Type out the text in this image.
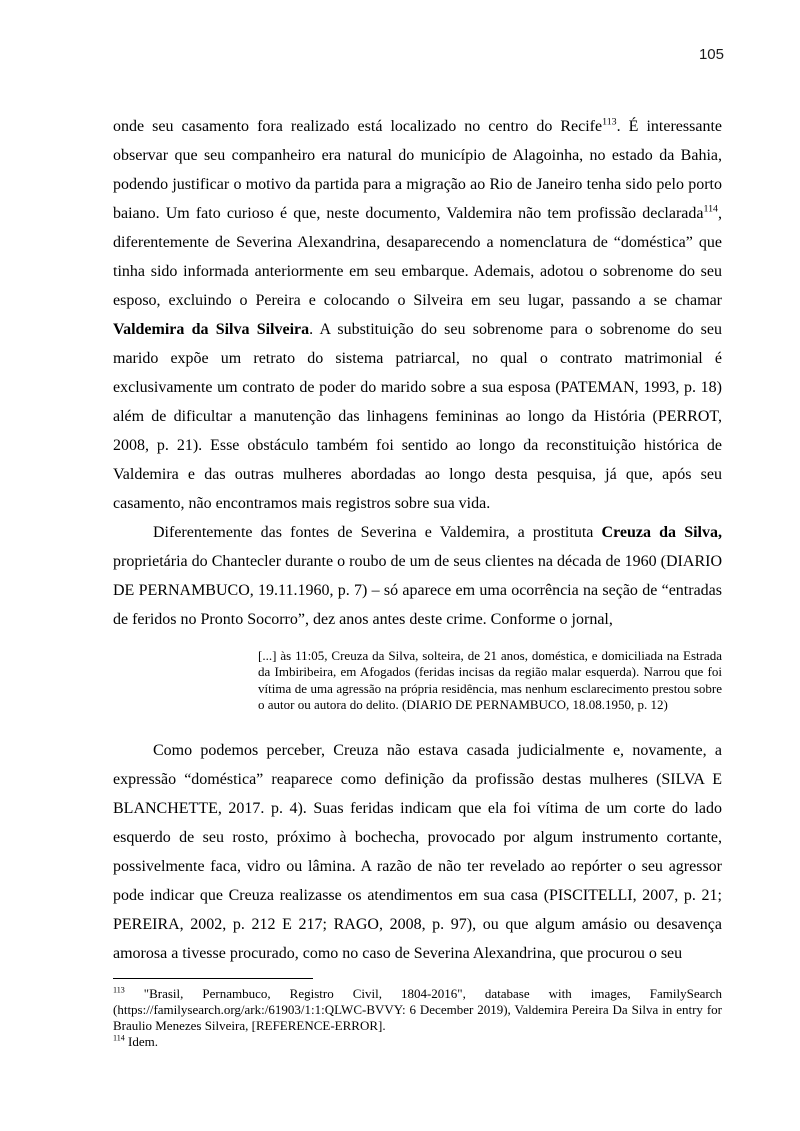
105

onde seu casamento fora realizado está localizado no centro do Recife$^{113}$. É interessante observar que seu companheiro era natural do município de Alagoinha, no estado da Bahia, podendo justificar o motivo da partida para a migração ao Rio de Janeiro tenha sido pelo porto baiano. Um fato curioso é que, neste documento, Valdemira não tem profissão declarada$^{114}$, diferentemente de Severina Alexandrina, desaparecendo a nomenclatura de “doméstica” que tinha sido informada anteriormente em seu embarque. Ademais, adotou o sobrenome do seu esposo, excluindo o Pereira e colocando o Silveira em seu lugar, passando a se chamar Valdemira da Silva Silveira. A substituição do seu sobrenome para o sobrenome do seu marido expõe um retrato do sistema patriarcal, no qual o contrato matrimonial é exclusivamente um contrato de poder do marido sobre a sua esposa (PATEMAN, 1993, p. 18) além de dificultar a manutenção das linhagens femininas ao longo da História (PERROT, 2008, p. 21). Esse obstáculo também foi sentido ao longo da reconstituição histórica de Valdemira e das outras mulheres abordadas ao longo desta pesquisa, já que, após seu casamento, não encontramos mais registros sobre sua vida.

Diferentemente das fontes de Severina e Valdemira, a prostituta Creuza da Silva, proprietária do Chantecler durante o roubo de um de seus clientes na década de 1960 (DIARIO DE PERNAMBUCO, 19.11.1960, p. 7) – só aparece em uma ocorrência na seção de “entradas de feridos no Pronto Socorro”, dez anos antes deste crime. Conforme o jornal,

[...] às 11:05, Creuza da Silva, solteira, de 21 anos, doméstica, e domiciliada na Estrada da Imbiribeira, em Afogados (feridas incisas da região malar esquerda). Narrou que foi vítima de uma agressão na própria residência, mas nenhum esclarecimento prestou sobre o autor ou autora do delito. (DIARIO DE PERNAMBUCO, 18.08.1950, p. 12)

Como podemos perceber, Creuza não estava casada judicialmente e, novamente, a expressão “doméstica” reaparece como definição da profissão destas mulheres (SILVA E BLANCHETTE, 2017. p. 4). Suas feridas indicam que ela foi vítima de um corte do lado esquerdo de seu rosto, próximo à bochecha, provocado por algum instrumento cortante, possivelmente faca, vidro ou lâmina. A razão de não ter revelado ao repórter o seu agressor pode indicar que Creuza realizasse os atendimentos em sua casa (PISCITELLI, 2007, p. 21; PEREIRA, 2002, p. 212 E 217; RAGO, 2008, p. 97), ou que algum amásio ou desavença amorosa a tivesse procurado, como no caso de Severina Alexandrina, que procurou o seu

$^{113}$ "Brasil, Pernambuco, Registro Civil, 1804-2016", database with images, FamilySearch (https://familysearch.org/ark:/61903/1:1:QLWC-BVVY: 6 December 2019), Valdemira Pereira Da Silva in entry for Braulio Menezes Silveira, [REFERENCE-ERROR].

$^{114}$ Idem.
